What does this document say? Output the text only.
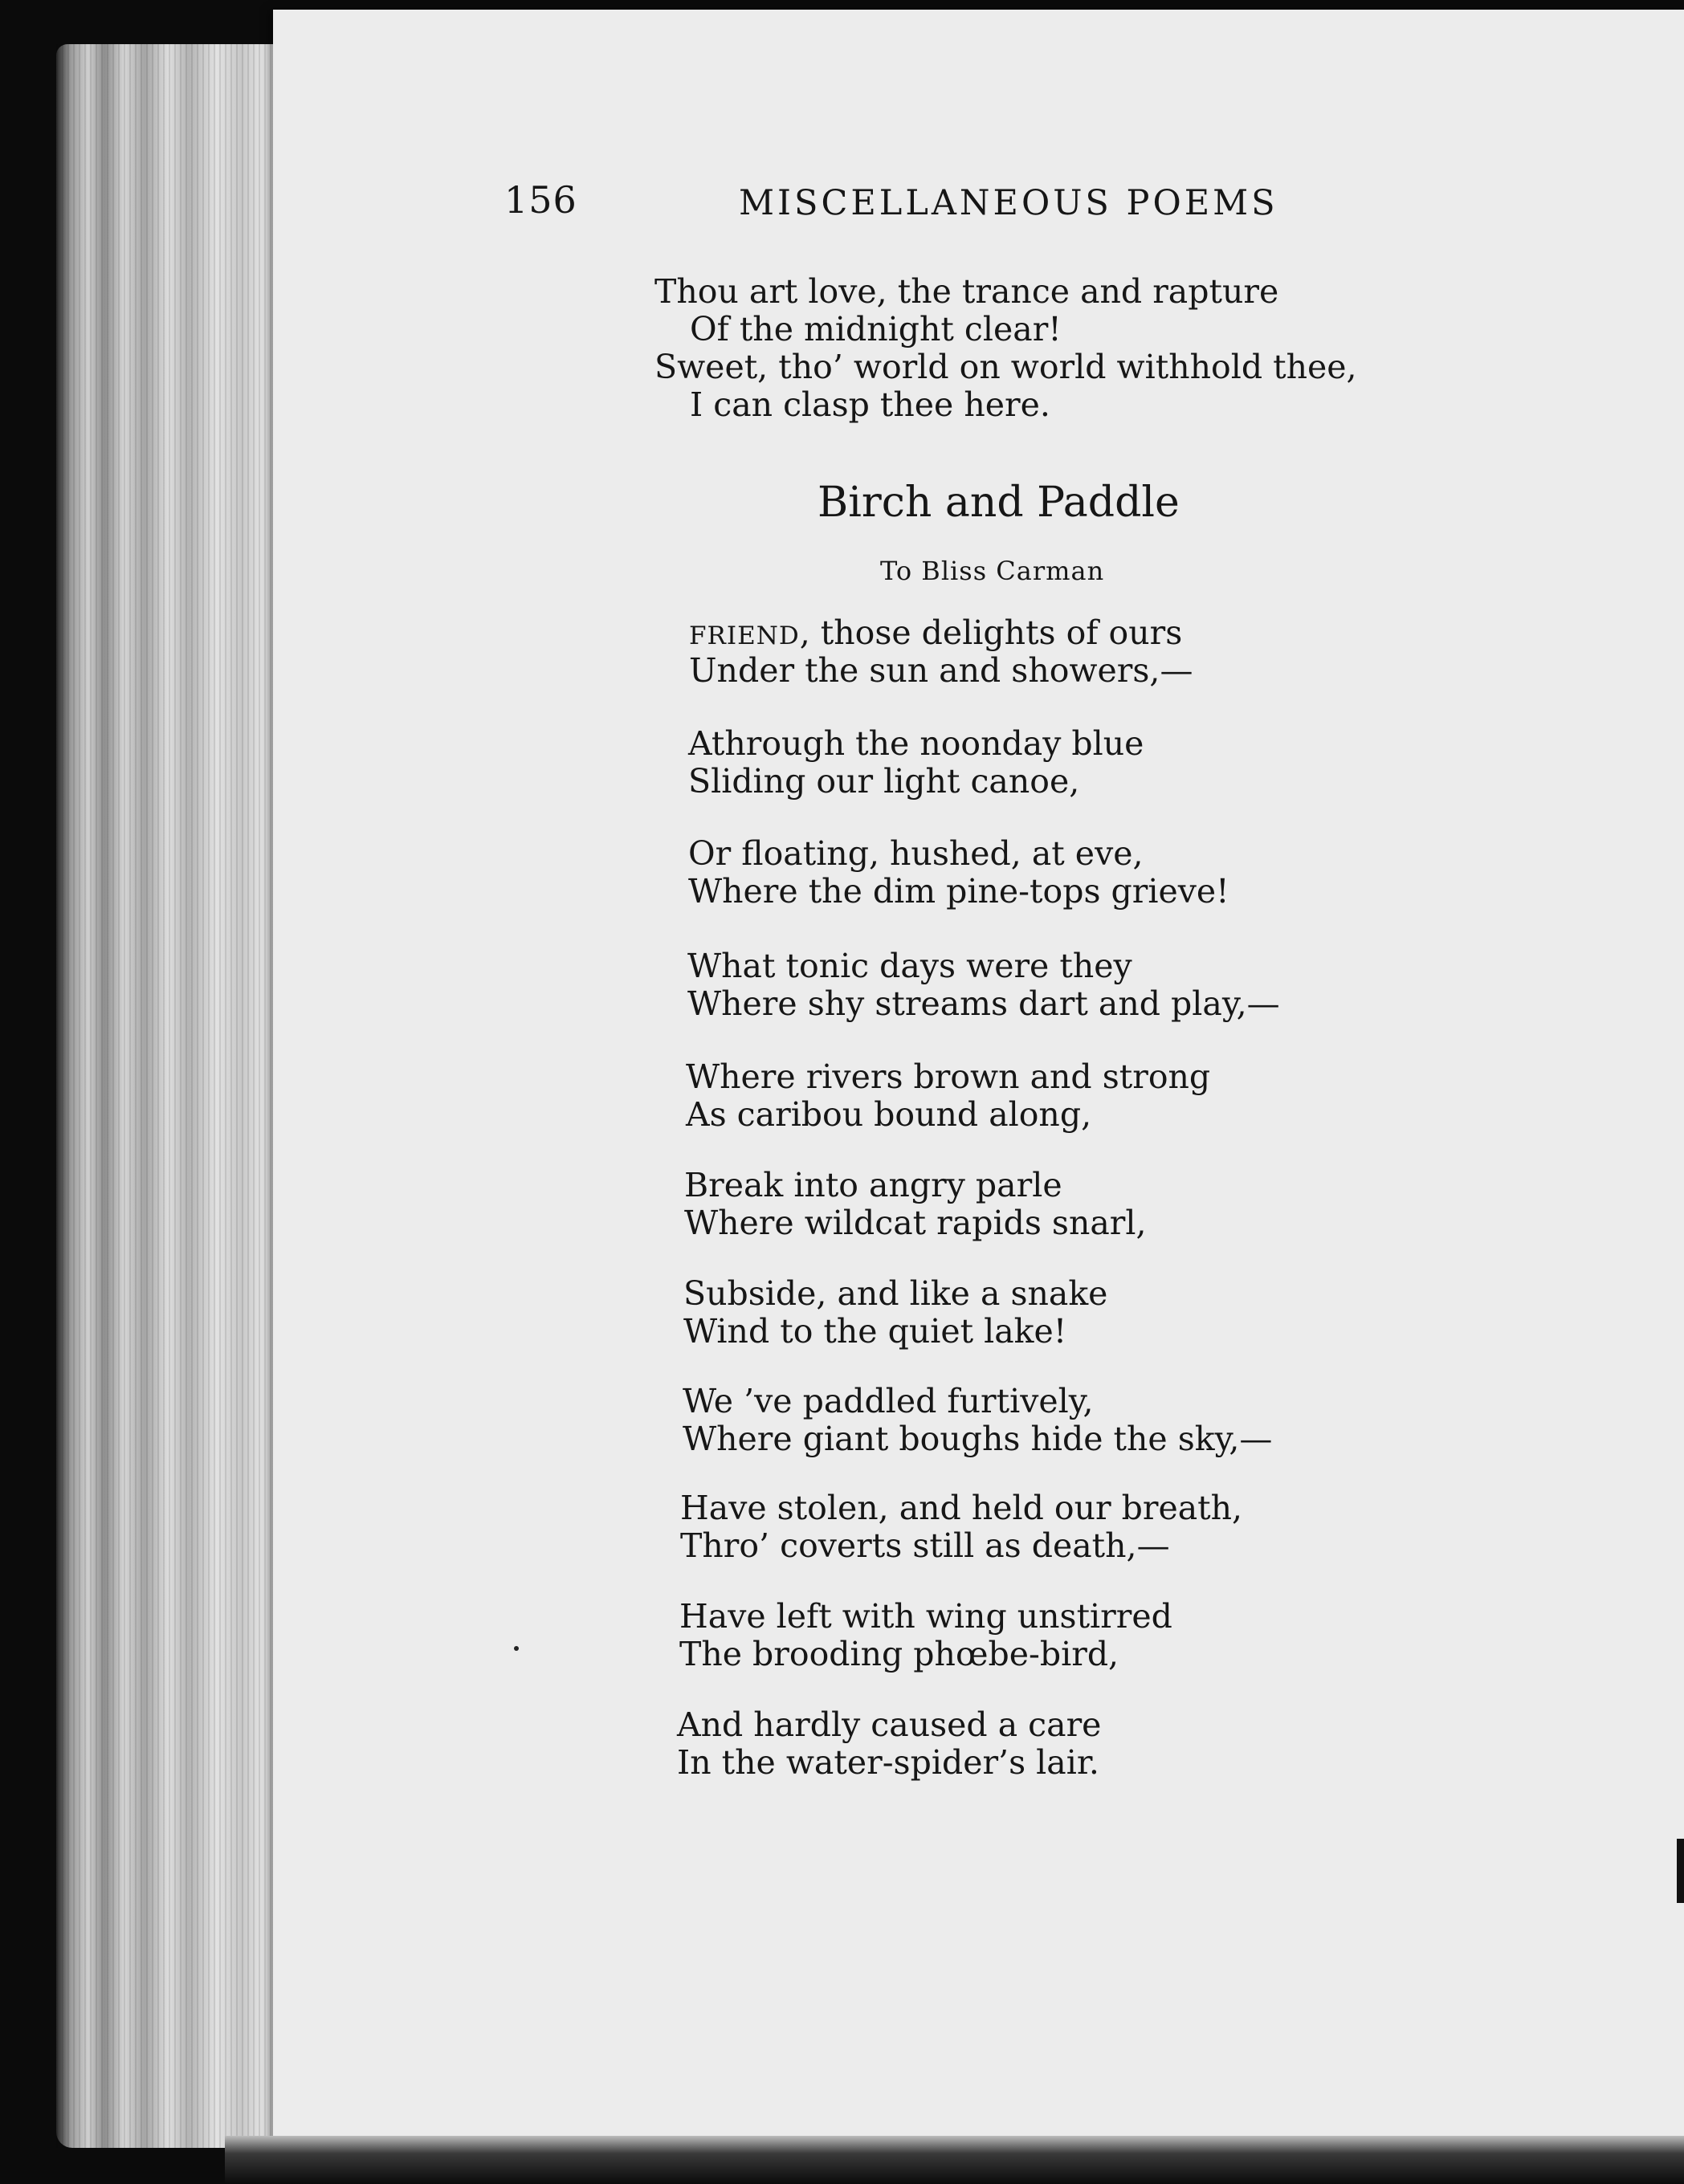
156	MISCELLANEOUS POEMS
Thou art love, the trance and rapture
Of the midnight clear!
Sweet, tho’ world on world withhold thee,
I can clasp thee here.
Birch and Paddle
To Bliss Carman
FRIEND, those delights of ours
Under the sun and showers,—
Athrough the noonday blue
Sliding our light canoe,
Or floating, hushed, at eve,
Where the dim pine-tops grieve!
What tonic days were they
Where shy streams dart and play,—
Where rivers brown and strong
As caribou bound along,
Break into angry parle
Where wildcat rapids snarl,
Subside, and like a snake
Wind to the quiet lake!
We ’ve paddled furtively,
Where giant boughs hide the sky,—
Have stolen, and held our breath,
Thro’ coverts still as death,—
Have left with wing unstirred
The brooding phœbe-bird,
And hardly caused a care
In the water-spider’s lair.
